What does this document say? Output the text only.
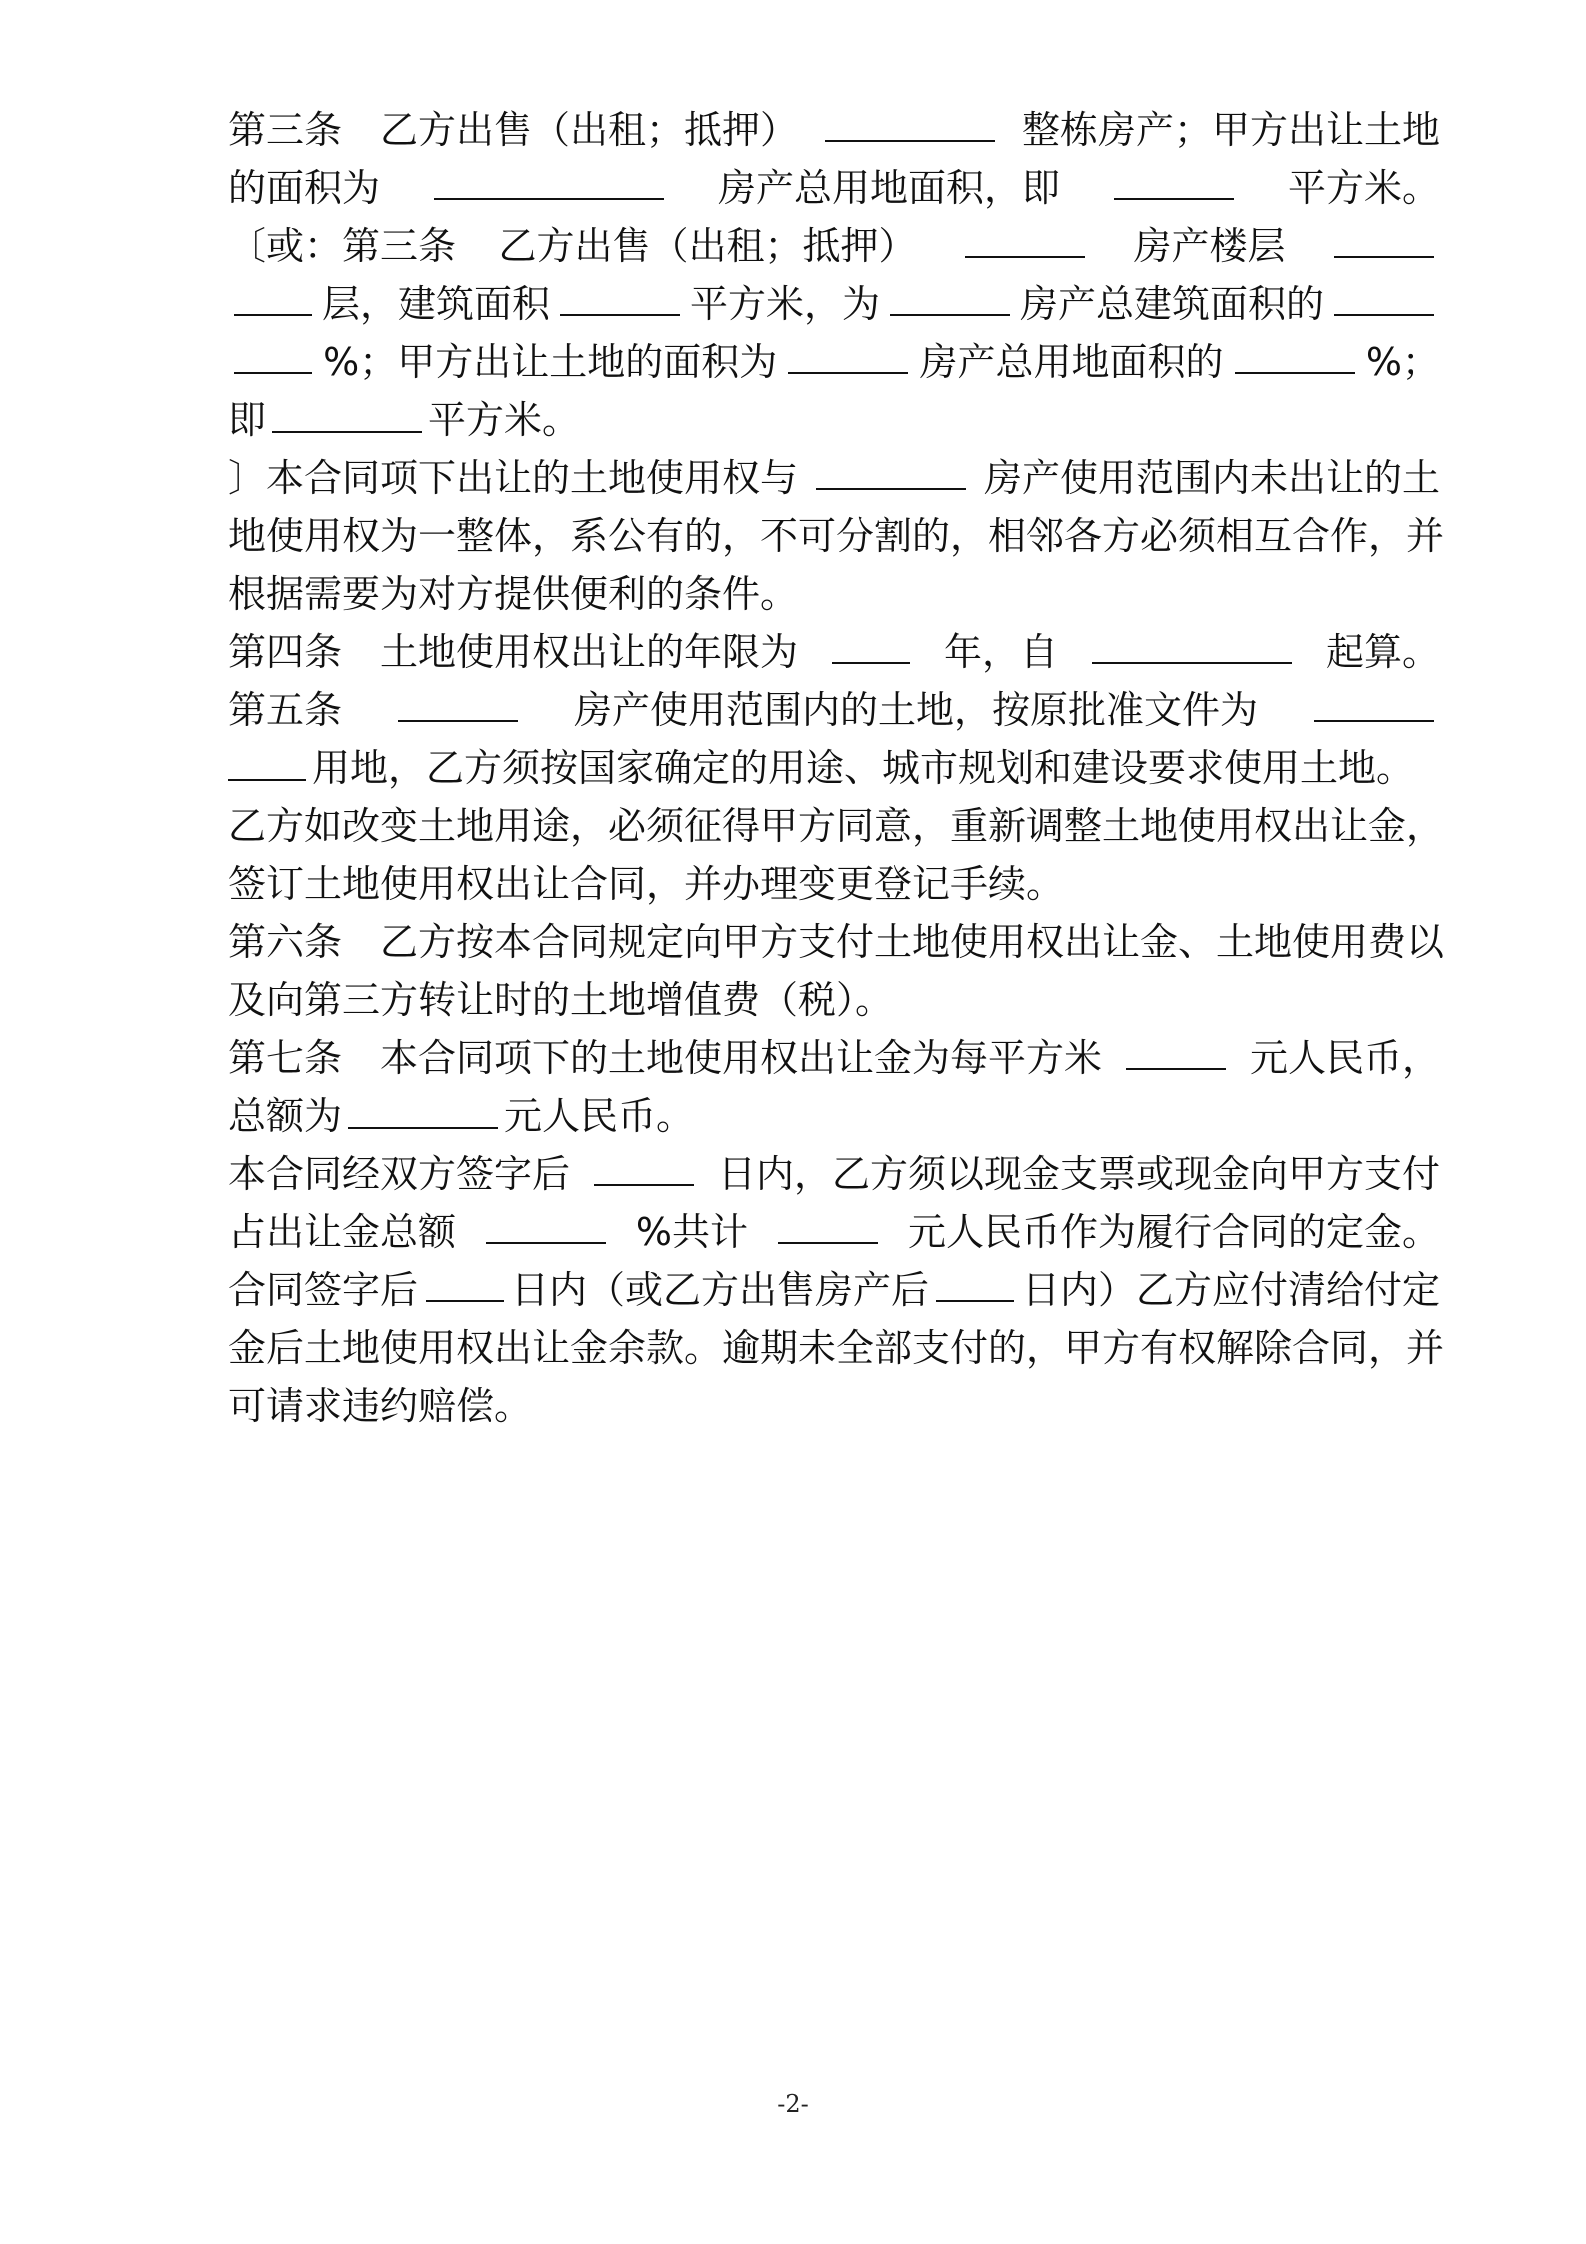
第三条　乙方出售（出租；抵押）	整栋房产；甲方出让土地
的面积为	房产总用地面积，即	平方米。
〔或：第三条 乙方出售（出租；抵押）	房产楼层
层，建筑面积	平方米，为	房产总建筑面积的
%；甲方出让土地的面积为	房产总用地面积的	%；
即	平方米。
〕本合同项下出让的土地使用权与	房产使用范围内未出让的土
地使用权为一整体，系公有的，不可分割的，相邻各方必须相互合作，并
根据需要为对方提供便利的条件。
第四条　土地使用权出让的年限为	年，自	起算。
第五条	房产使用范围内的土地，按原批准文件为
用地，乙方须按国家确定的用途、城市规划和建设要求使用土地。
乙方如改变土地用途，必须征得甲方同意，重新调整土地使用权出让金，
签订土地使用权出让合同，并办理变更登记手续。
第六条　乙方按本合同规定向甲方支付土地使用权出让金、土地使用费以
及向第三方转让时的土地增值费（税）。
第七条　本合同项下的土地使用权出让金为每平方米	元人民币，
总额为	元人民币。
本合同经双方签字后	日内，乙方须以现金支票或现金向甲方支付
占出让金总额	%共计	元人民币作为履行合同的定金。
合同签字后 日内（或乙方出售房产后 日内）乙方应付清给付定
金后土地使用权出让金余款。逾期未全部支付的，甲方有权解除合同，并
可请求违约赔偿。
-2-
